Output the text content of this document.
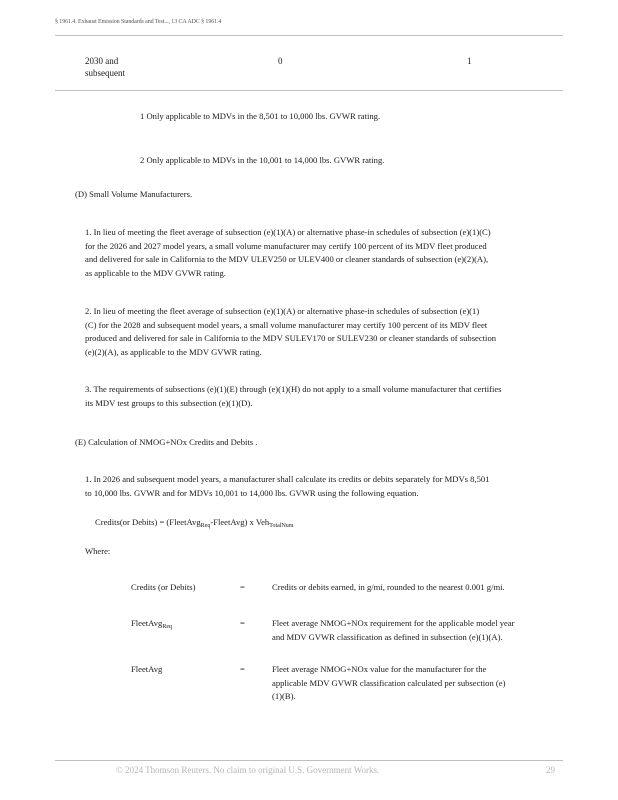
§ 1961.4. Exhaust Emission Standards and Test..., 13 CA ADC § 1961.4
2030 and
subsequent
0	1
1 Only applicable to MDVs in the 8,501 to 10,000 lbs. GVWR rating.
2 Only applicable to MDVs in the 10,001 to 14,000 lbs. GVWR rating.
(D) Small Volume Manufacturers.
1. In lieu of meeting the fleet average of subsection (e)(1)(A) or alternative phase-in schedules of subsection (e)(1)(C)
for the 2026 and 2027 model years, a small volume manufacturer may certify 100 percent of its MDV fleet produced
and delivered for sale in California to the MDV ULEV250 or ULEV400 or cleaner standards of subsection (e)(2)(A),
as applicable to the MDV GVWR rating.
2. In lieu of meeting the fleet average of subsection (e)(1)(A) or alternative phase-in schedules of subsection (e)(1)
(C) for the 2028 and subsequent model years, a small volume manufacturer may certify 100 percent of its MDV fleet
produced and delivered for sale in California to the MDV SULEV170 or SULEV230 or cleaner standards of subsection
(e)(2)(A), as applicable to the MDV GVWR rating.
3. The requirements of subsections (e)(1)(E) through (e)(1)(H) do not apply to a small volume manufacturer that certifies
its MDV test groups to this subsection (e)(1)(D).
(E) Calculation of NMOG+NOx Credits and Debits .
1. In 2026 and subsequent model years, a manufacturer shall calculate its credits or debits separately for MDVs 8,501
to 10,000 lbs. GVWR and for MDVs 10,001 to 14,000 lbs. GVWR using the following equation.
Credits(or Debits) = (FleetAvg$_{Req}$-FleetAvg) x Veh$_{TotalNum}$
Where:
Credits (or Debits)	=	Credits or debits earned, in g/mi, rounded to the nearest 0.001 g/mi.
FleetAvg$_{Req}$	=	Fleet average NMOG+NOx requirement for the applicable model year
and MDV GVWR classification as defined in subsection (e)(1)(A).
FleetAvg	=	Fleet average NMOG+NOx value for the manufacturer for the
applicable MDV GVWR classification calculated per subsection (e)
(1)(B).
© 2024 Thomson Reuters. No claim to original U.S. Government Works.	29
